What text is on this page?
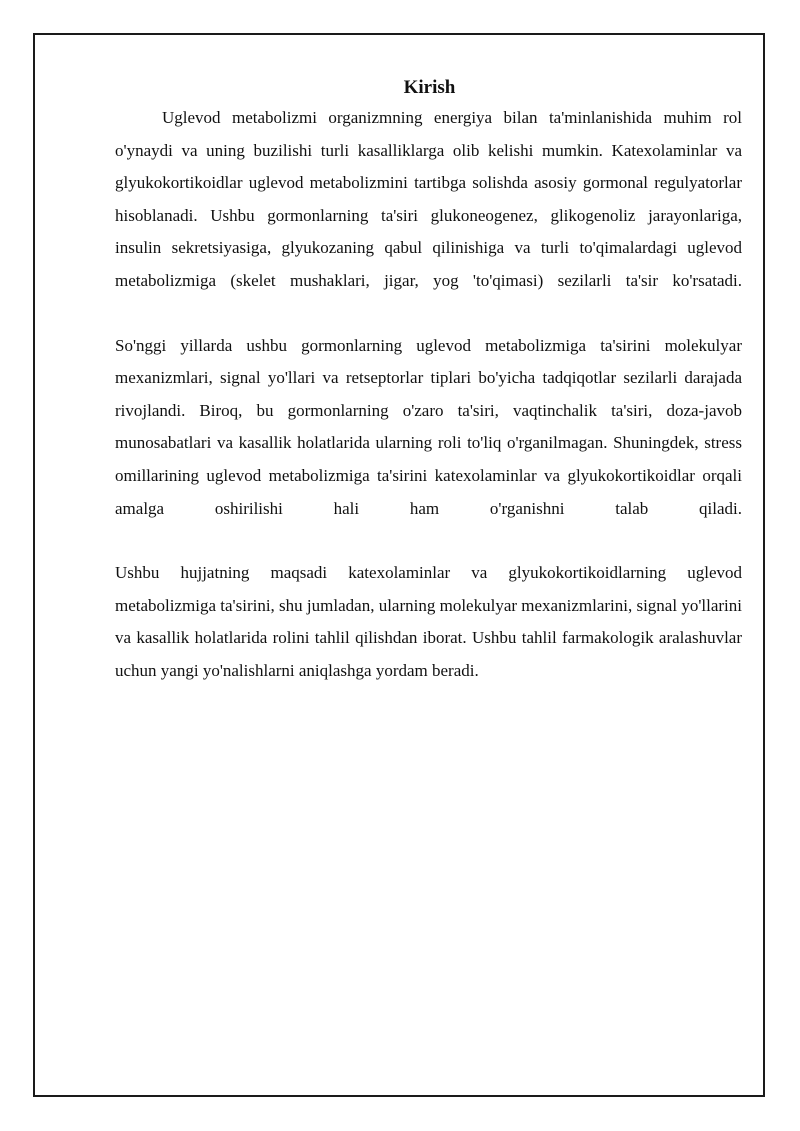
Kirish

Uglevod metabolizmi organizmning energiya bilan ta'minlanishida muhim rol o'ynaydi va uning buzilishi turli kasalliklarga olib kelishi mumkin. Katexolaminlar va glyukokortikoidlar uglevod metabolizmini tartibga solishda asosiy gormonal regulyatorlar hisoblanadi. Ushbu gormonlarning ta'siri glukoneogenez, glikogenoliz jarayonlariga, insulin sekretsiyasiga, glyukozaning qabul qilinishiga va turli to'qimalardagi uglevod metabolizmiga (skelet mushaklari, jigar, yog 'to'qimasi) sezilarli ta'sir ko'rsatadi.

So'nggi yillarda ushbu gormonlarning uglevod metabolizmiga ta'sirini molekulyar mexanizmlari, signal yo'llari va retseptorlar tiplari bo'yicha tadqiqotlar sezilarli darajada rivojlandi. Biroq, bu gormonlarning o'zaro ta'siri, vaqtinchalik ta'siri, doza-javob munosabatlari va kasallik holatlarida ularning roli to'liq o'rganilmagan. Shuningdek, stress omillarining uglevod metabolizmiga ta'sirini katexolaminlar va glyukokortikoidlar orqali amalga oshirilishi hali ham o'rganishni talab qiladi.

Ushbu hujjatning maqsadi katexolaminlar va glyukokortikoidlarning uglevod metabolizmiga ta'sirini, shu jumladan, ularning molekulyar mexanizmlarini, signal yo'llarini va kasallik holatlarida rolini tahlil qilishdan iborat. Ushbu tahlil farmakologik aralashuvlar uchun yangi yo'nalishlarni aniqlashga yordam beradi.
